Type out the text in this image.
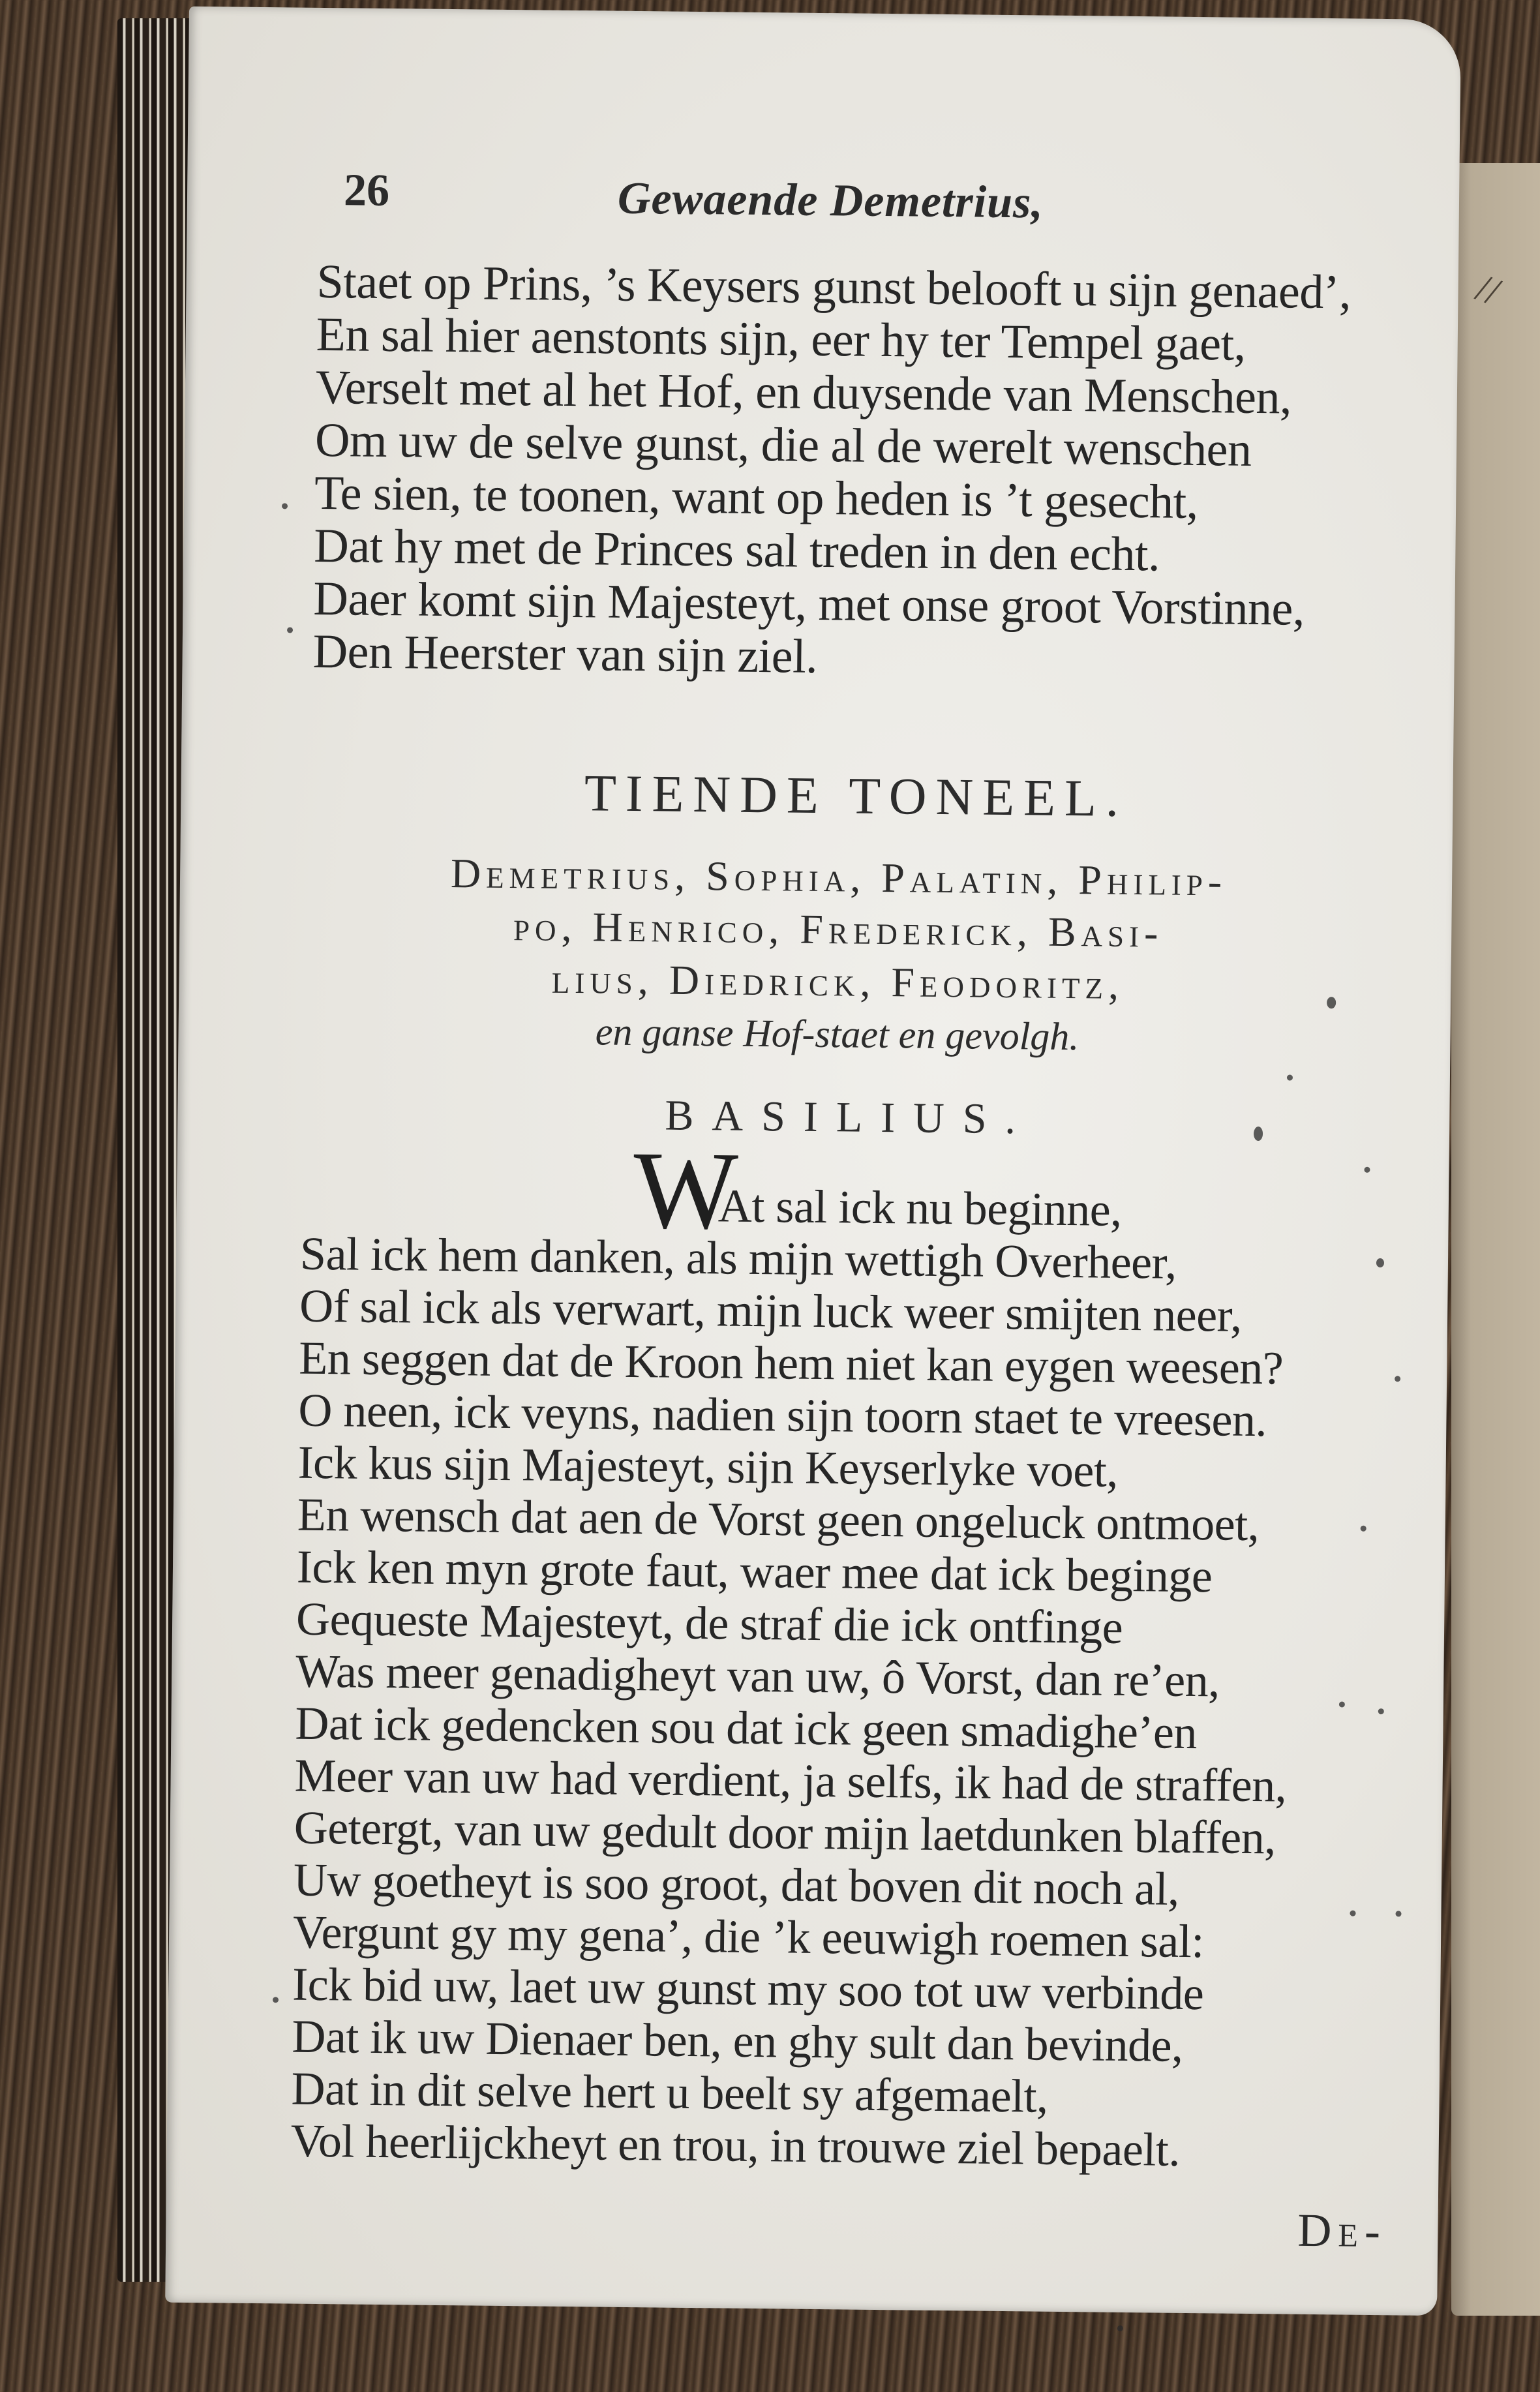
//
26	Gewaende Demetrius,
Staet op Prins, ’s Keysers gunst belooft u sijn genaed’,
En sal hier aenstonts sijn, eer hy ter Tempel gaet,
Verselt met al het Hof, en duysende van Menschen,
Om uw de selve gunst, die al de werelt wenschen
Te sien, te toonen, want op heden is ’t gesecht,
Dat hy met de Princes sal treden in den echt.
Daer komt sijn Majesteyt, met onse groot Vorstinne,
Den Heerster van sijn ziel.
TIENDE TONEEL.
Demetrius, Sophia, Palatin, Philip-
po, Henrico, Frederick, Basi-
lius, Diedrick, Feodoritz,
en ganse Hof-staet en gevolgh.
BASILIUS.
W
At sal ick nu beginne,
Sal ick hem danken, als mijn wettigh Overheer,
Of sal ick als verwart, mijn luck weer smijten neer,
En seggen dat de Kroon hem niet kan eygen weesen?
O neen, ick veyns, nadien sijn toorn staet te vreesen.
Ick kus sijn Majesteyt, sijn Keyserlyke voet,
En wensch dat aen de Vorst geen ongeluck ontmoet,
Ick ken myn grote faut, waer mee dat ick beginge
Gequeste Majesteyt, de straf die ick ontfinge
Was meer genadigheyt van uw, ô Vorst, dan re’en,
Dat ick gedencken sou dat ick geen smadighe’en
Meer van uw had verdient, ja selfs, ik had de straffen,
Getergt, van uw gedult door mijn laetdunken blaffen,
Uw goetheyt is soo groot, dat boven dit noch al,
Vergunt gy my gena’, die ’k eeuwigh roemen sal:
Ick bid uw, laet uw gunst my soo tot uw verbinde
Dat ik uw Dienaer ben, en ghy sult dan bevinde,
Dat in dit selve hert u beelt sy afgemaelt,
Vol heerlijckheyt en trou, in trouwe ziel bepaelt.
De-
